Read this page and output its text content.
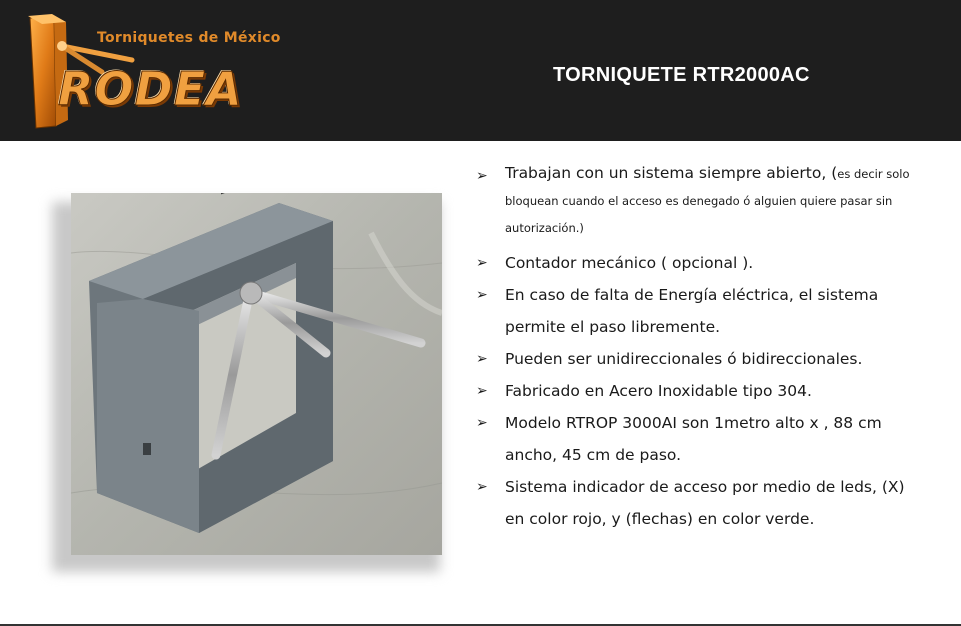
Torniquetes de México
RODEA	TORNIQUETE RTR2000AC
➢ Trabajan con un sistema siempre abierto, (es decir solo bloquean cuando el acceso es denegado ó alguien quiere pasar sin autorización.)
➢ Contador mecánico ( opcional ).
➢ En caso de falta de Energía eléctrica, el sistema permite el paso libremente.
➢ Pueden ser unidireccionales ó bidireccionales.
➢ Fabricado en Acero Inoxidable tipo 304.
➢ Modelo RTROP 3000AI son 1metro alto x , 88 cm ancho, 45 cm de paso.
➢ Sistema indicador de acceso por medio de leds, (X) en color rojo, y (flechas) en color verde.
